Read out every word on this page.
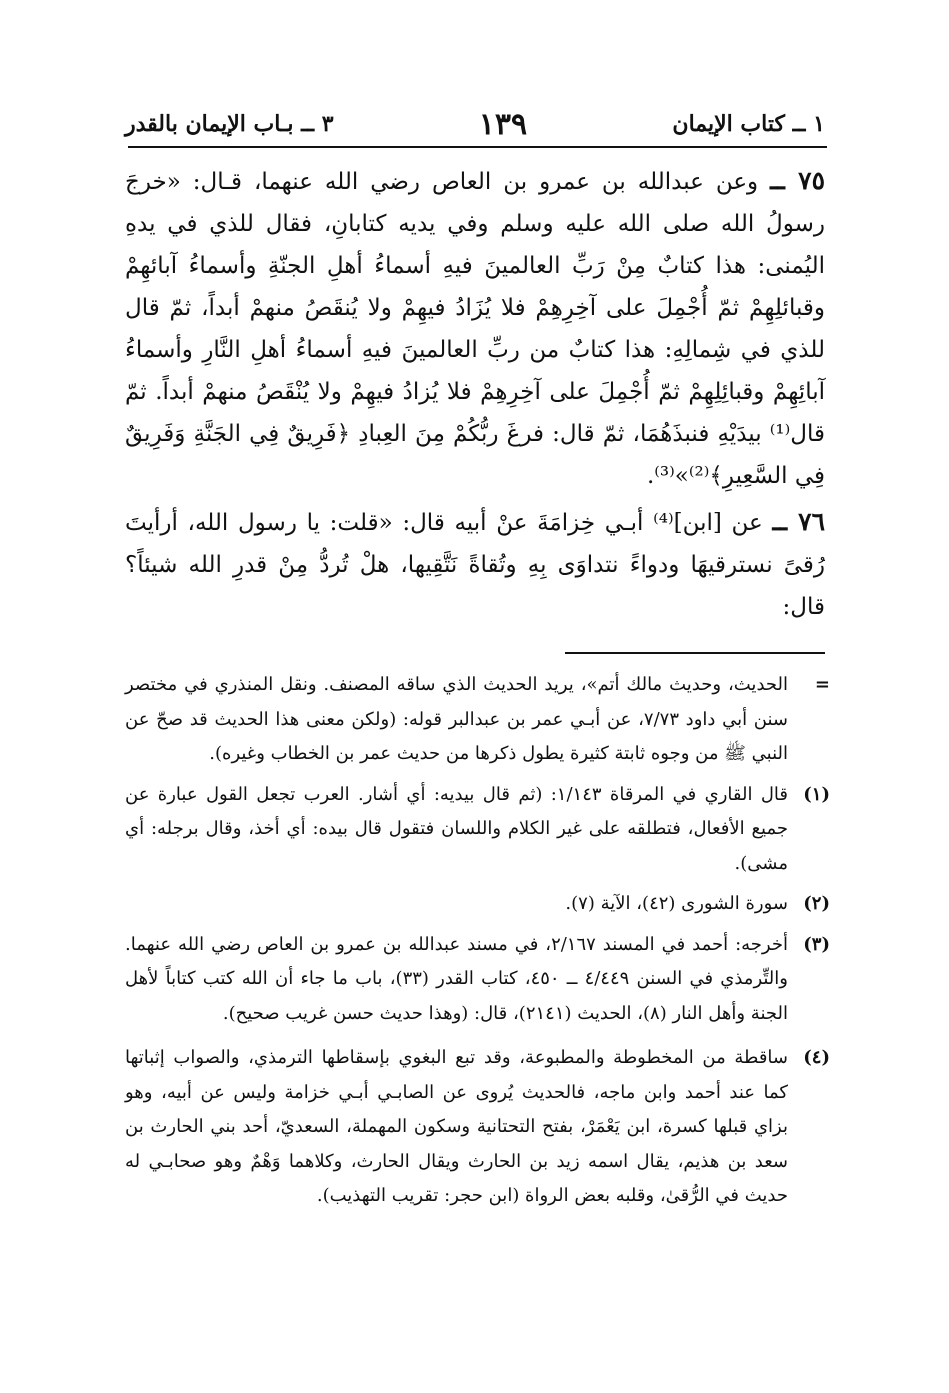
١ ــ كتاب الإيمان
١٣٩
٣ ــ بـاب الإيمان بالقدر

٧٥ ــ وعن عبدالله بن عمرو بن العاص رضي الله عنهما، قـال: «خرجَ رسولُ الله صلى الله عليه وسلم وفي يديه كتابانِ، فقال للذي في يدهِ اليُمنى: هذا كتابٌ مِنْ رَبِّ العالمينَ فيهِ أسماءُ أهلِ الجنّةِ وأسماءُ آبائهِمْ وقبائلِهِمْ ثمّ أُجْمِلَ على آخِرِهِمْ فلا يُزَادُ فيهِمْ ولا يُنقَصُ منهمْ أبداً، ثمّ قال للذي في شِمالِهِ: هذا كتابٌ من ربِّ العالمينَ فيهِ أسماءُ أهلِ النَّارِ وأسماءُ آبائِهِمْ وقبائِلِهِمْ ثمّ أُجْمِلَ على آخِرِهِمْ فلا يُزادُ فيهِمْ ولا يُنْقَصُ منهمْ أبداً. ثمّ قال⁽¹⁾ بيدَيْهِ فنبذَهُمَا، ثمّ قال: فرغَ ربُّكُمْ مِنَ العِبادِ ﴿فَرِيقٌ فِي الجَنَّةِ وَفَرِيقٌ فِي السَّعِيرِ﴾⁽²⁾»⁽³⁾.

٧٦ ــ عن [ابن]⁽⁴⁾ أبـي خِزامَةَ عنْ أبيه قال: «قلت: يا رسول الله، أرأيتَ رُقىً نسترقيهَا ودواءً نتداوَى بِهِ وتُقاةً نَتَّقِيها، هلْ تُردُّ مِنْ قدرِ الله شيئاً؟ قال:

=
الحديث، وحديث مالك أتم»، يريد الحديث الذي ساقه المصنف. ونقل المنذري في مختصر سنن أبي داود ٧/٧٣، عن أبـي عمر بن عبدالبر قوله: (ولكن معنى هذا الحديث قد صحّ عن النبي ﷺ من وجوه ثابتة كثيرة يطول ذكرها من حديث عمر بن الخطاب وغيره).
(١)
قال القاري في المرقاة ١/١٤٣: (ثم قال بيديه: أي أشار. العرب تجعل القول عبارة عن جميع الأفعال، فتطلقه على غير الكلام واللسان فتقول قال بيده: أي أخذ، وقال برجله: أي مشى).
(٢)
سورة الشورى (٤٢)، الآية (٧).
(٣)
أخرجه: أحمد في المسند ٢/١٦٧، في مسند عبدالله بن عمرو بن العاص رضي الله عنهما. والتِّرمذي في السنن ٤/٤٤٩ ــ ٤٥٠، كتاب القدر (٣٣)، باب ما جاء أن الله كتب كتاباً لأهل الجنة وأهل النار (٨)، الحديث (٢١٤١)، قال: (وهذا حديث حسن غريب صحيح).
(٤)
ساقطة من المخطوطة والمطبوعة، وقد تبع البغوي بإسقاطها الترمذي، والصواب إثباتها كما عند أحمد وابن ماجه، فالحديث يُروى عن الصابـي أبـي خزامة وليس عن أبيه، وهو بزاي قبلها كسرة، ابن يَعْمَرْ، بفتح التحتانية وسكون المهملة، السعديّ، أحد بني الحارث بن سعد بن هذيم، يقال اسمه زيد بن الحارث ويقال الحارث، وكلاهما وَهْمٌ وهو صحابـي له حديث في الرُّقىٰ، وقلبه بعض الرواة (ابن حجر: تقريب التهذيب).
